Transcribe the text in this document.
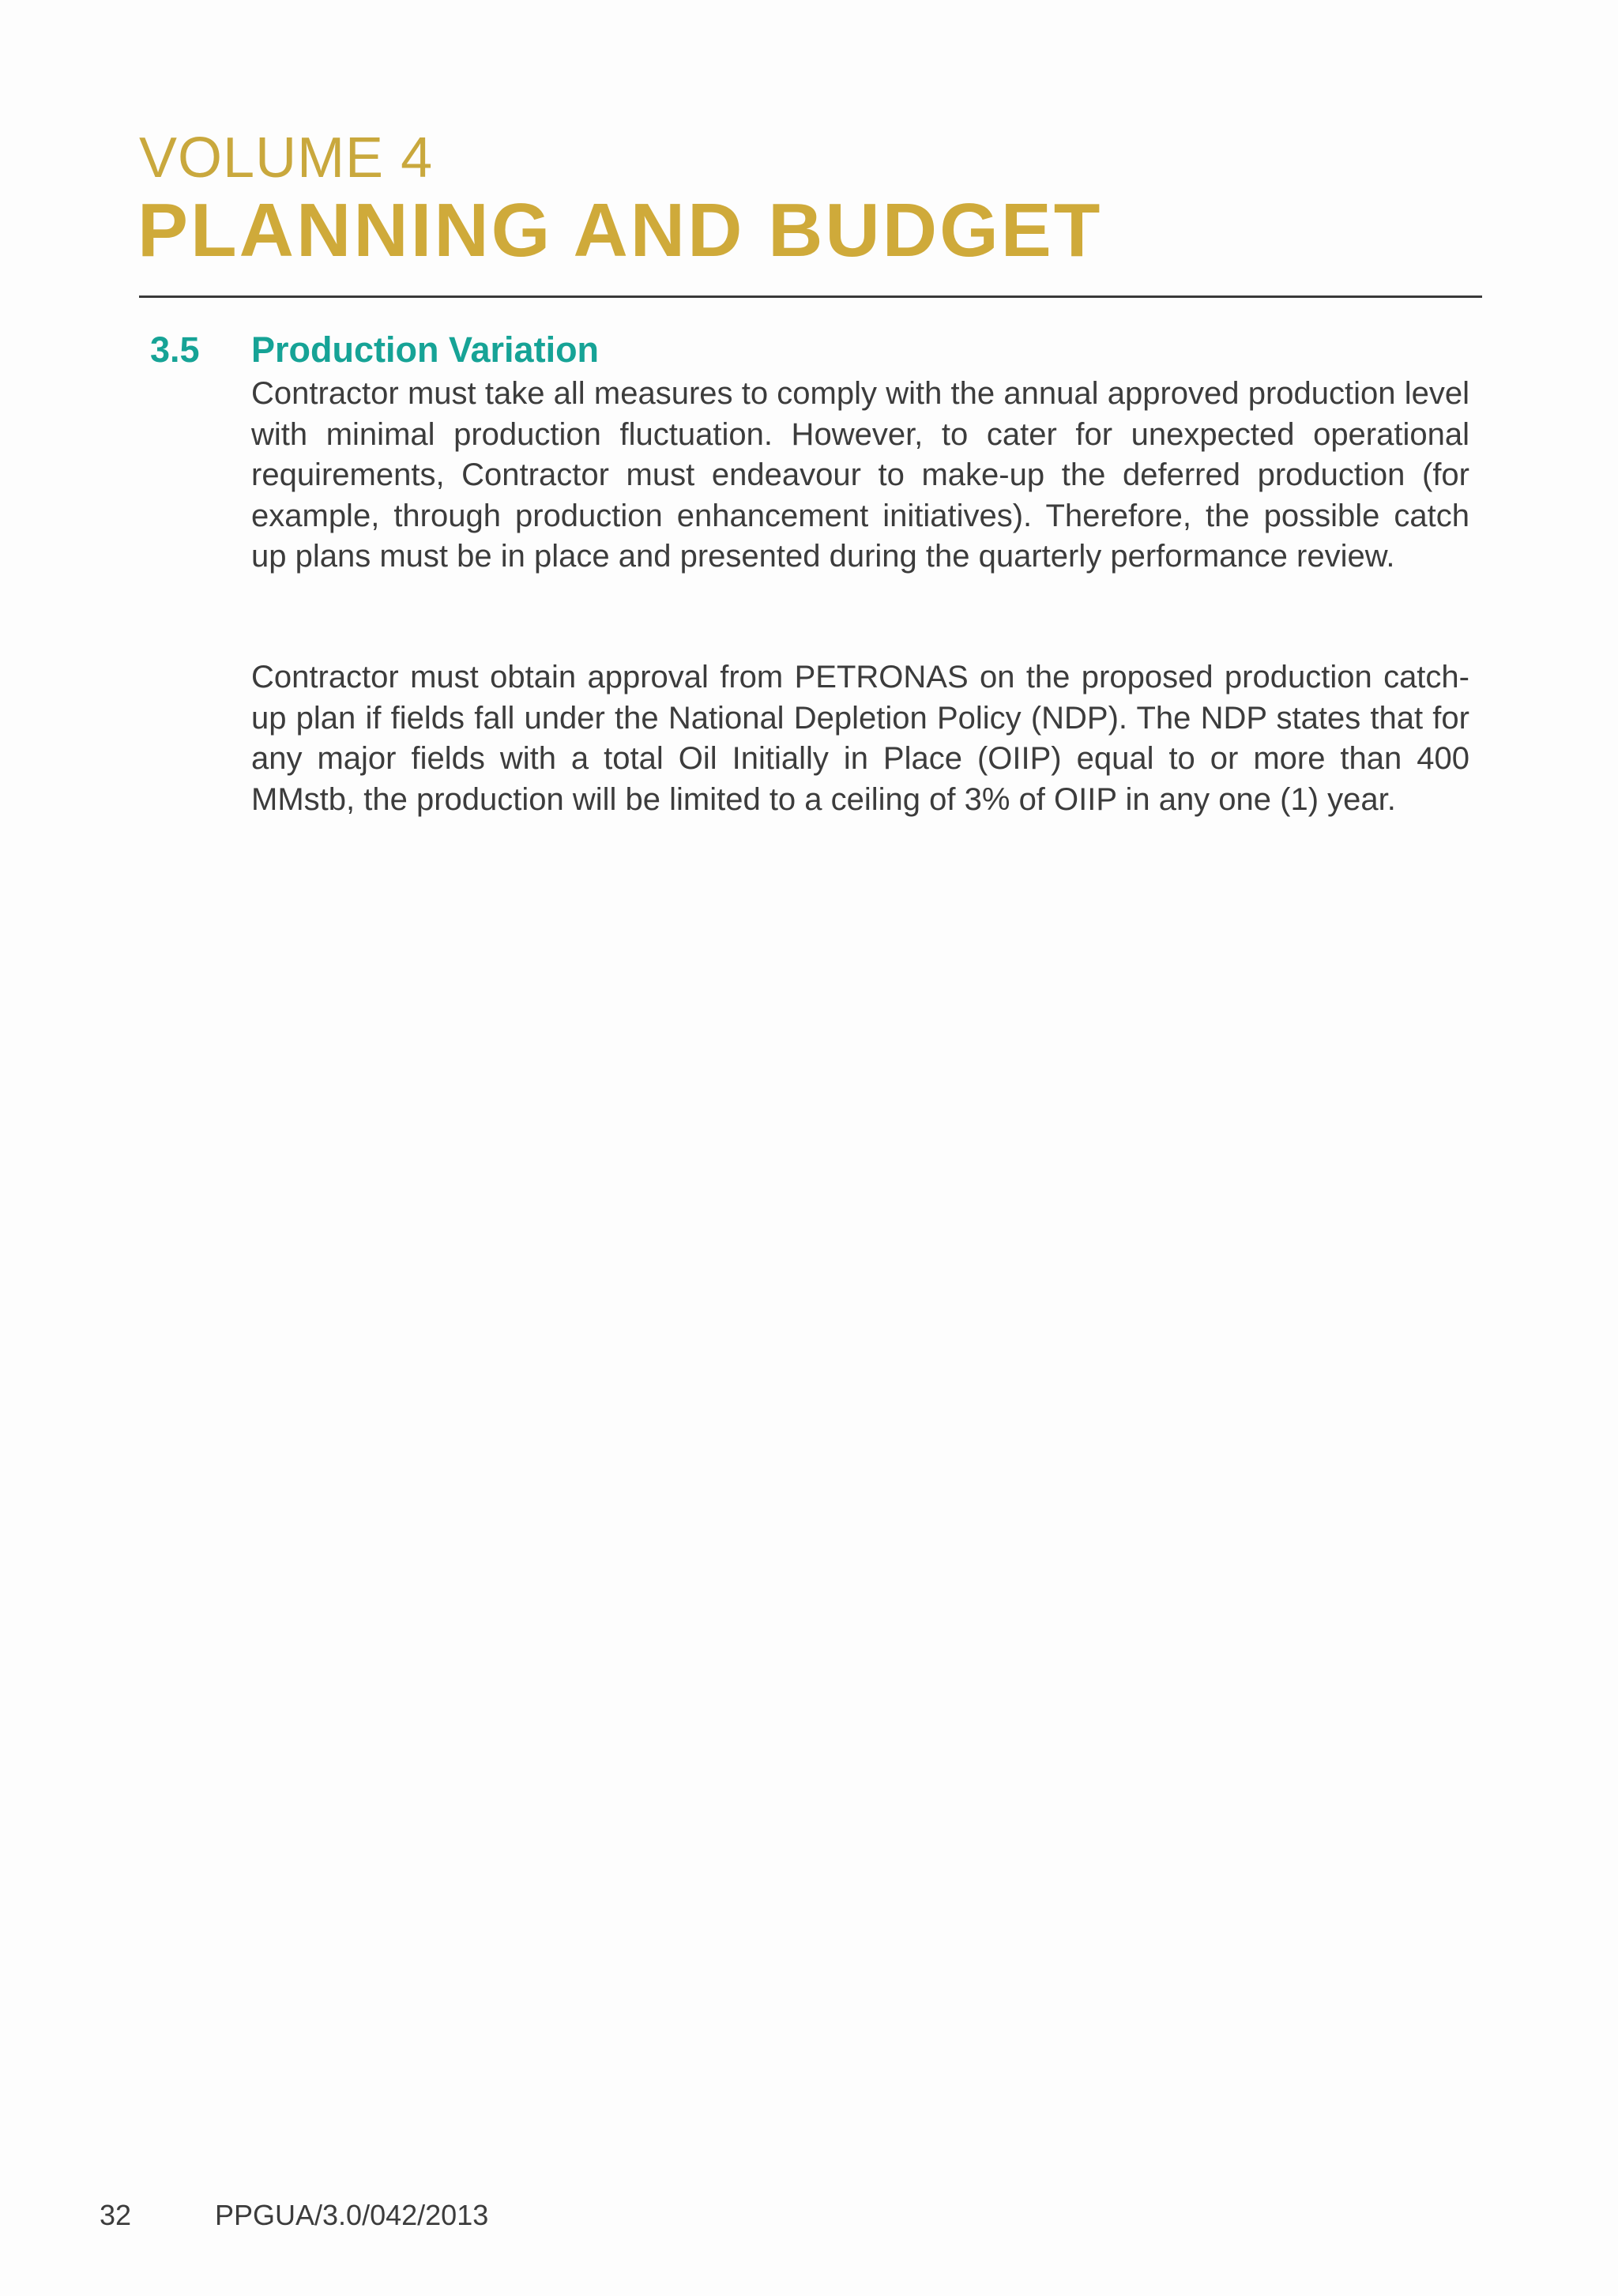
VOLUME 4
PLANNING AND BUDGET
3.5 Production Variation

Contractor must take all measures to comply with the annual approved production level with minimal production fluctuation. However, to cater for unexpected operational requirements, Contractor must endeavour to make-up the deferred production (for example, through production enhancement initiatives). Therefore, the possible catch up plans must be in place and presented during the quarterly performance review.

Contractor must obtain approval from PETRONAS on the proposed production catch-up plan if fields fall under the National Depletion Policy (NDP). The NDP states that for any major fields with a total Oil Initially in Place (OIIP) equal to or more than 400 MMstb, the production will be limited to a ceiling of 3% of OIIP in any one (1) year.

32	PPGUA/3.0/042/2013
